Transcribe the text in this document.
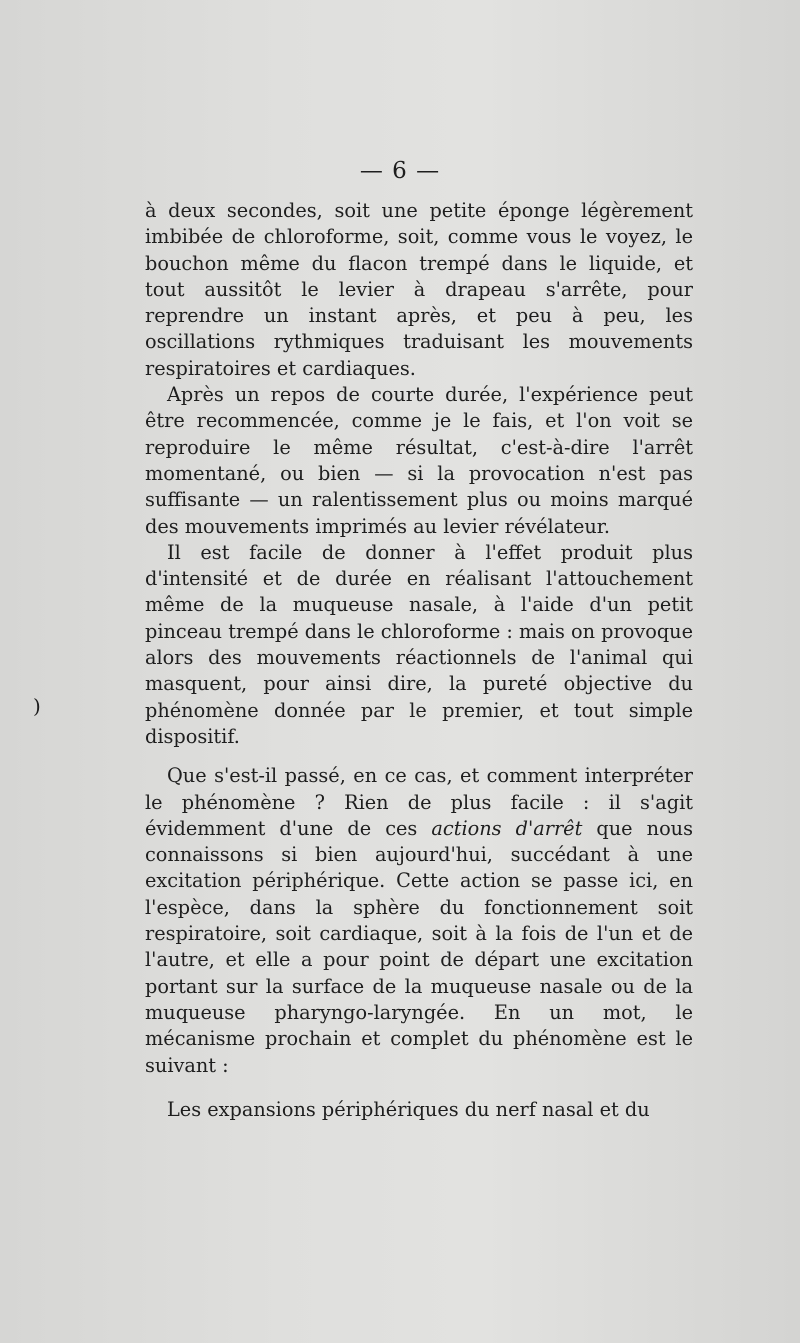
— 6 —
)

à deux secondes, soit une petite éponge légèrement imbibée de chloroforme, soit, comme vous le voyez, le bouchon même du flacon trempé dans le liquide, et tout aussitôt le levier à drapeau s'arrête, pour reprendre un instant après, et peu à peu, les oscillations rythmiques traduisant les mouvements respiratoires et cardiaques.

Après un repos de courte durée, l'expérience peut être recommencée, comme je le fais, et l'on voit se reproduire le même résultat, c'est-à-dire l'arrêt momentané, ou bien — si la provocation n'est pas suffisante — un ralentissement plus ou moins marqué des mouvements imprimés au levier révélateur.

Il est facile de donner à l'effet produit plus d'intensité et de durée en réalisant l'attouchement même de la muqueuse nasale, à l'aide d'un petit pinceau trempé dans le chloroforme : mais on provoque alors des mouvements réactionnels de l'animal qui masquent, pour ainsi dire, la pureté objective du phénomène donnée par le premier, et tout simple dispositif.

Que s'est-il passé, en ce cas, et comment interpréter le phénomène ? Rien de plus facile : il s'agit évidemment d'une de ces actions d'arrêt que nous connaissons si bien aujourd'hui, succédant à une excitation périphérique. Cette action se passe ici, en l'espèce, dans la sphère du fonctionnement soit respiratoire, soit cardiaque, soit à la fois de l'un et de l'autre, et elle a pour point de départ une excitation portant sur la surface de la muqueuse nasale ou de la muqueuse pharyngo-laryngée. En un mot, le mécanisme prochain et complet du phénomène est le suivant :

Les expansions périphériques du nerf nasal et du
